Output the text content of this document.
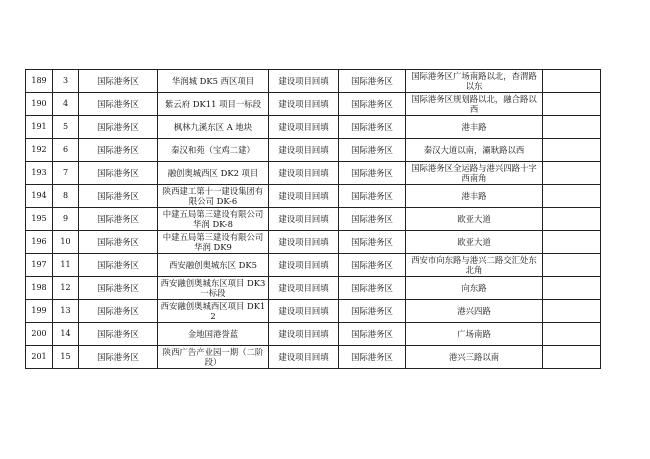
189	3	国际港务区	华润城 DK5 西区项目	建设项目回填	国际港务区	国际港务区广场南路以北，杳渭路以东	
190	4	国际港务区	紫云府 DK11 项目一标段	建设项目回填	国际港务区	国际港务区规划路以北，融合路以西	
191	5	国际港务区	枫林九溪东区 A 地块	建设项目回填	国际港务区	港丰路	
192	6	国际港务区	秦汉和苑（宝鸡二建）	建设项目回填	国际港务区	秦汉大道以南，灞耿路以西	
193	7	国际港务区	融创奥城西区 DK2 项目	建设项目回填	国际港务区	国际港务区全运路与港兴四路十字西南角	
194	8	国际港务区	陕西建工第十一建设集团有限公司 DK-6	建设项目回填	国际港务区	港丰路	
195	9	国际港务区	中建五局第三建设有限公司华润 DK-8	建设项目回填	国际港务区	欧亚大道	
196	10	国际港务区	中建五局第三建设有限公司华润 DK9	建设项目回填	国际港务区	欧亚大道	
197	11	国际港务区	西安融创奥城东区 DK5	建设项目回填	国际港务区	西安市向东路与港兴二路交汇处东北角	
198	12	国际港务区	西安融创奥城东区项目 DK3一标段	建设项目回填	国际港务区	向东路	
199	13	国际港务区	西安融创奥城西区项目 DK12	建设项目回填	国际港务区	港兴四路	
200	14	国际港务区	金地国港誉蓝	建设项目回填	国际港务区	广场南路	
201	15	国际港务区	陕西广告产业园一期（二阶段）	建设项目回填	国际港务区	港兴三路以南	
